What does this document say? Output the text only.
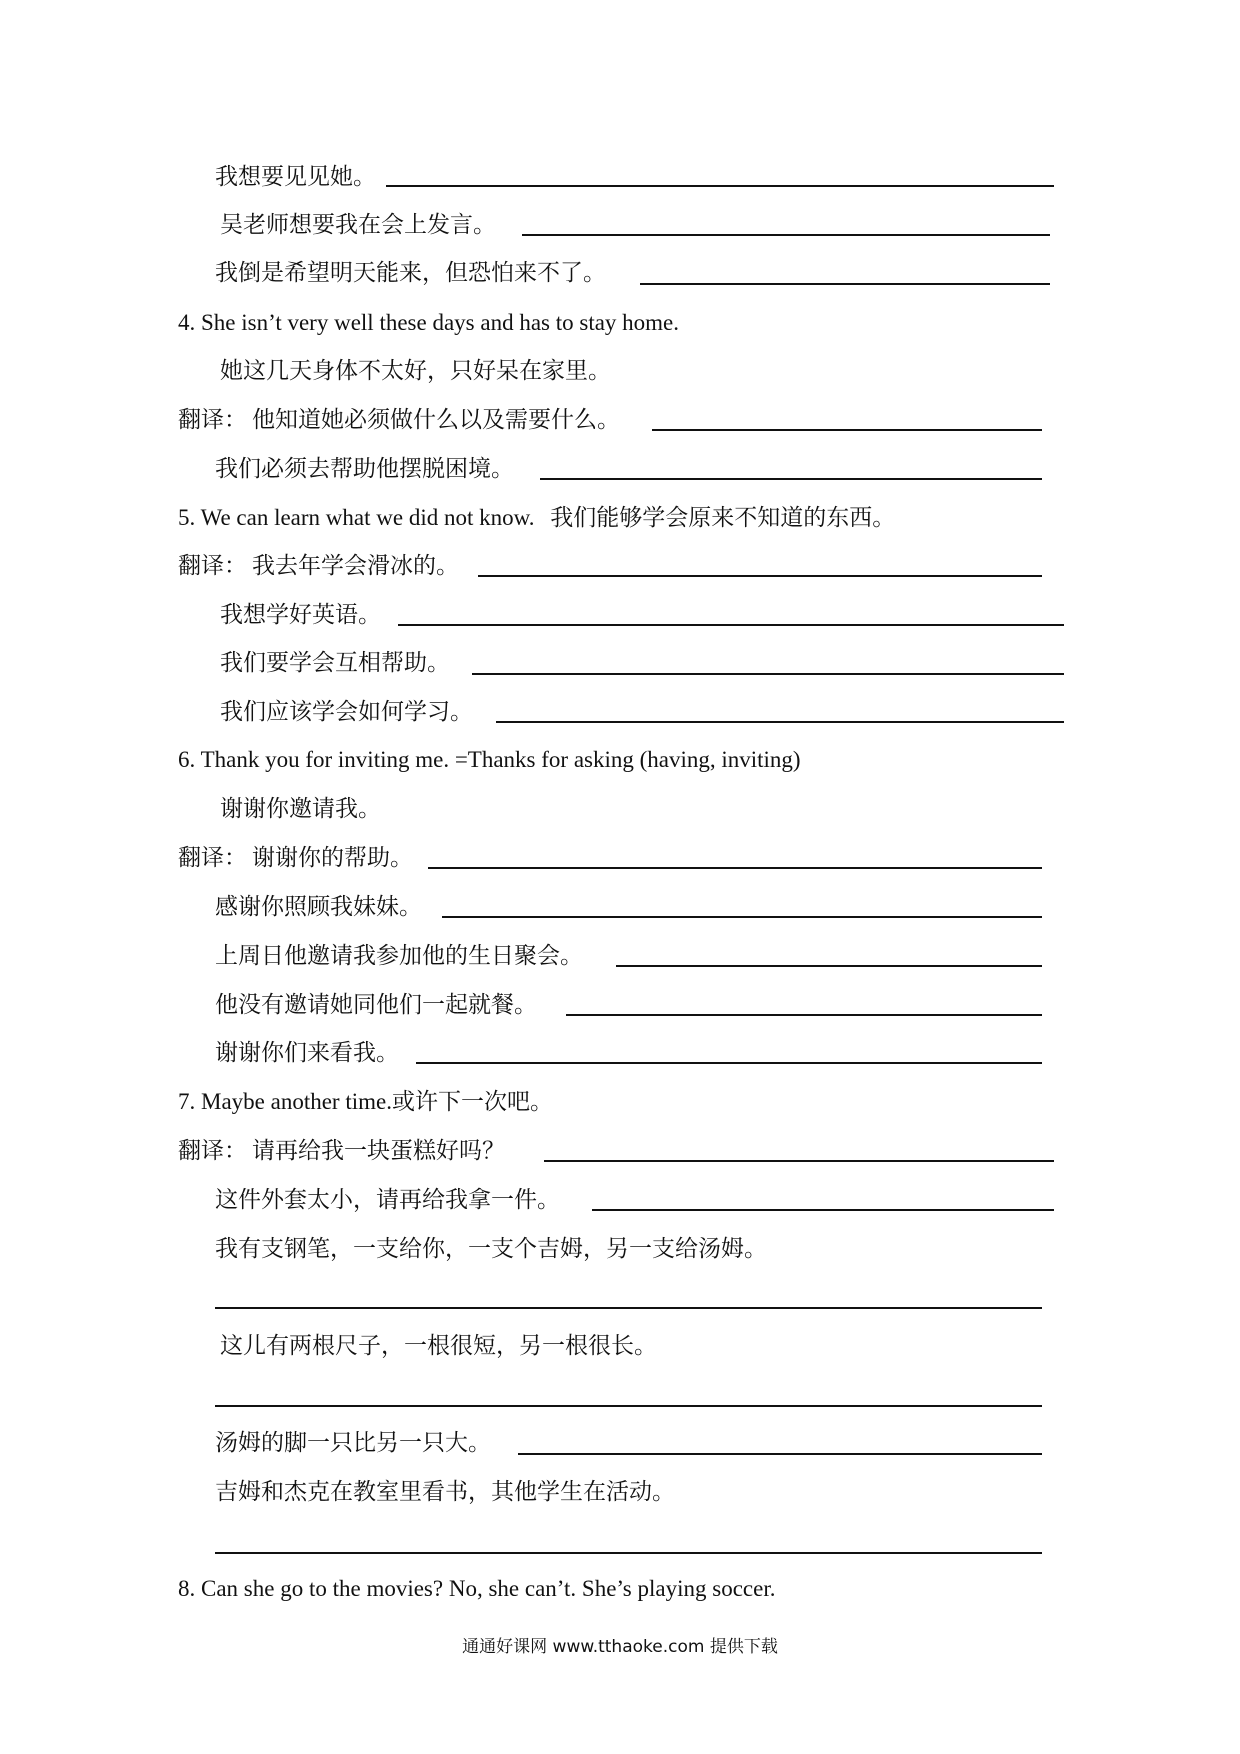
我想要见见她。
吴老师想要我在会上发言。
我倒是希望明天能来，但恐怕来不了。
4. She isn’t very well these days and has to stay home.
她这几天身体不太好，只好呆在家里。
翻译： 他知道她必须做什么以及需要什么。
我们必须去帮助他摆脱困境。
5. We can learn what we did not know. 我们能够学会原来不知道的东西。
翻译： 我去年学会滑冰的。
我想学好英语。
我们要学会互相帮助。
我们应该学会如何学习。
6. Thank you for inviting me. =Thanks for asking (having, inviting)
谢谢你邀请我。
翻译： 谢谢你的帮助。
感谢你照顾我妹妹。
上周日他邀请我参加他的生日聚会。
他没有邀请她同他们一起就餐。
谢谢你们来看我。
7. Maybe another time.或许下一次吧。
翻译： 请再给我一块蛋糕好吗？
这件外套太小，请再给我拿一件。
我有支钢笔，一支给你，一支个吉姆，另一支给汤姆。
这儿有两根尺子，一根很短，另一根很长。
汤姆的脚一只比另一只大。
吉姆和杰克在教室里看书，其他学生在活动。
8. Can she go to the movies? No, she can’t. She’s playing soccer.
通通好课网 www.tthaoke.com 提供下载
